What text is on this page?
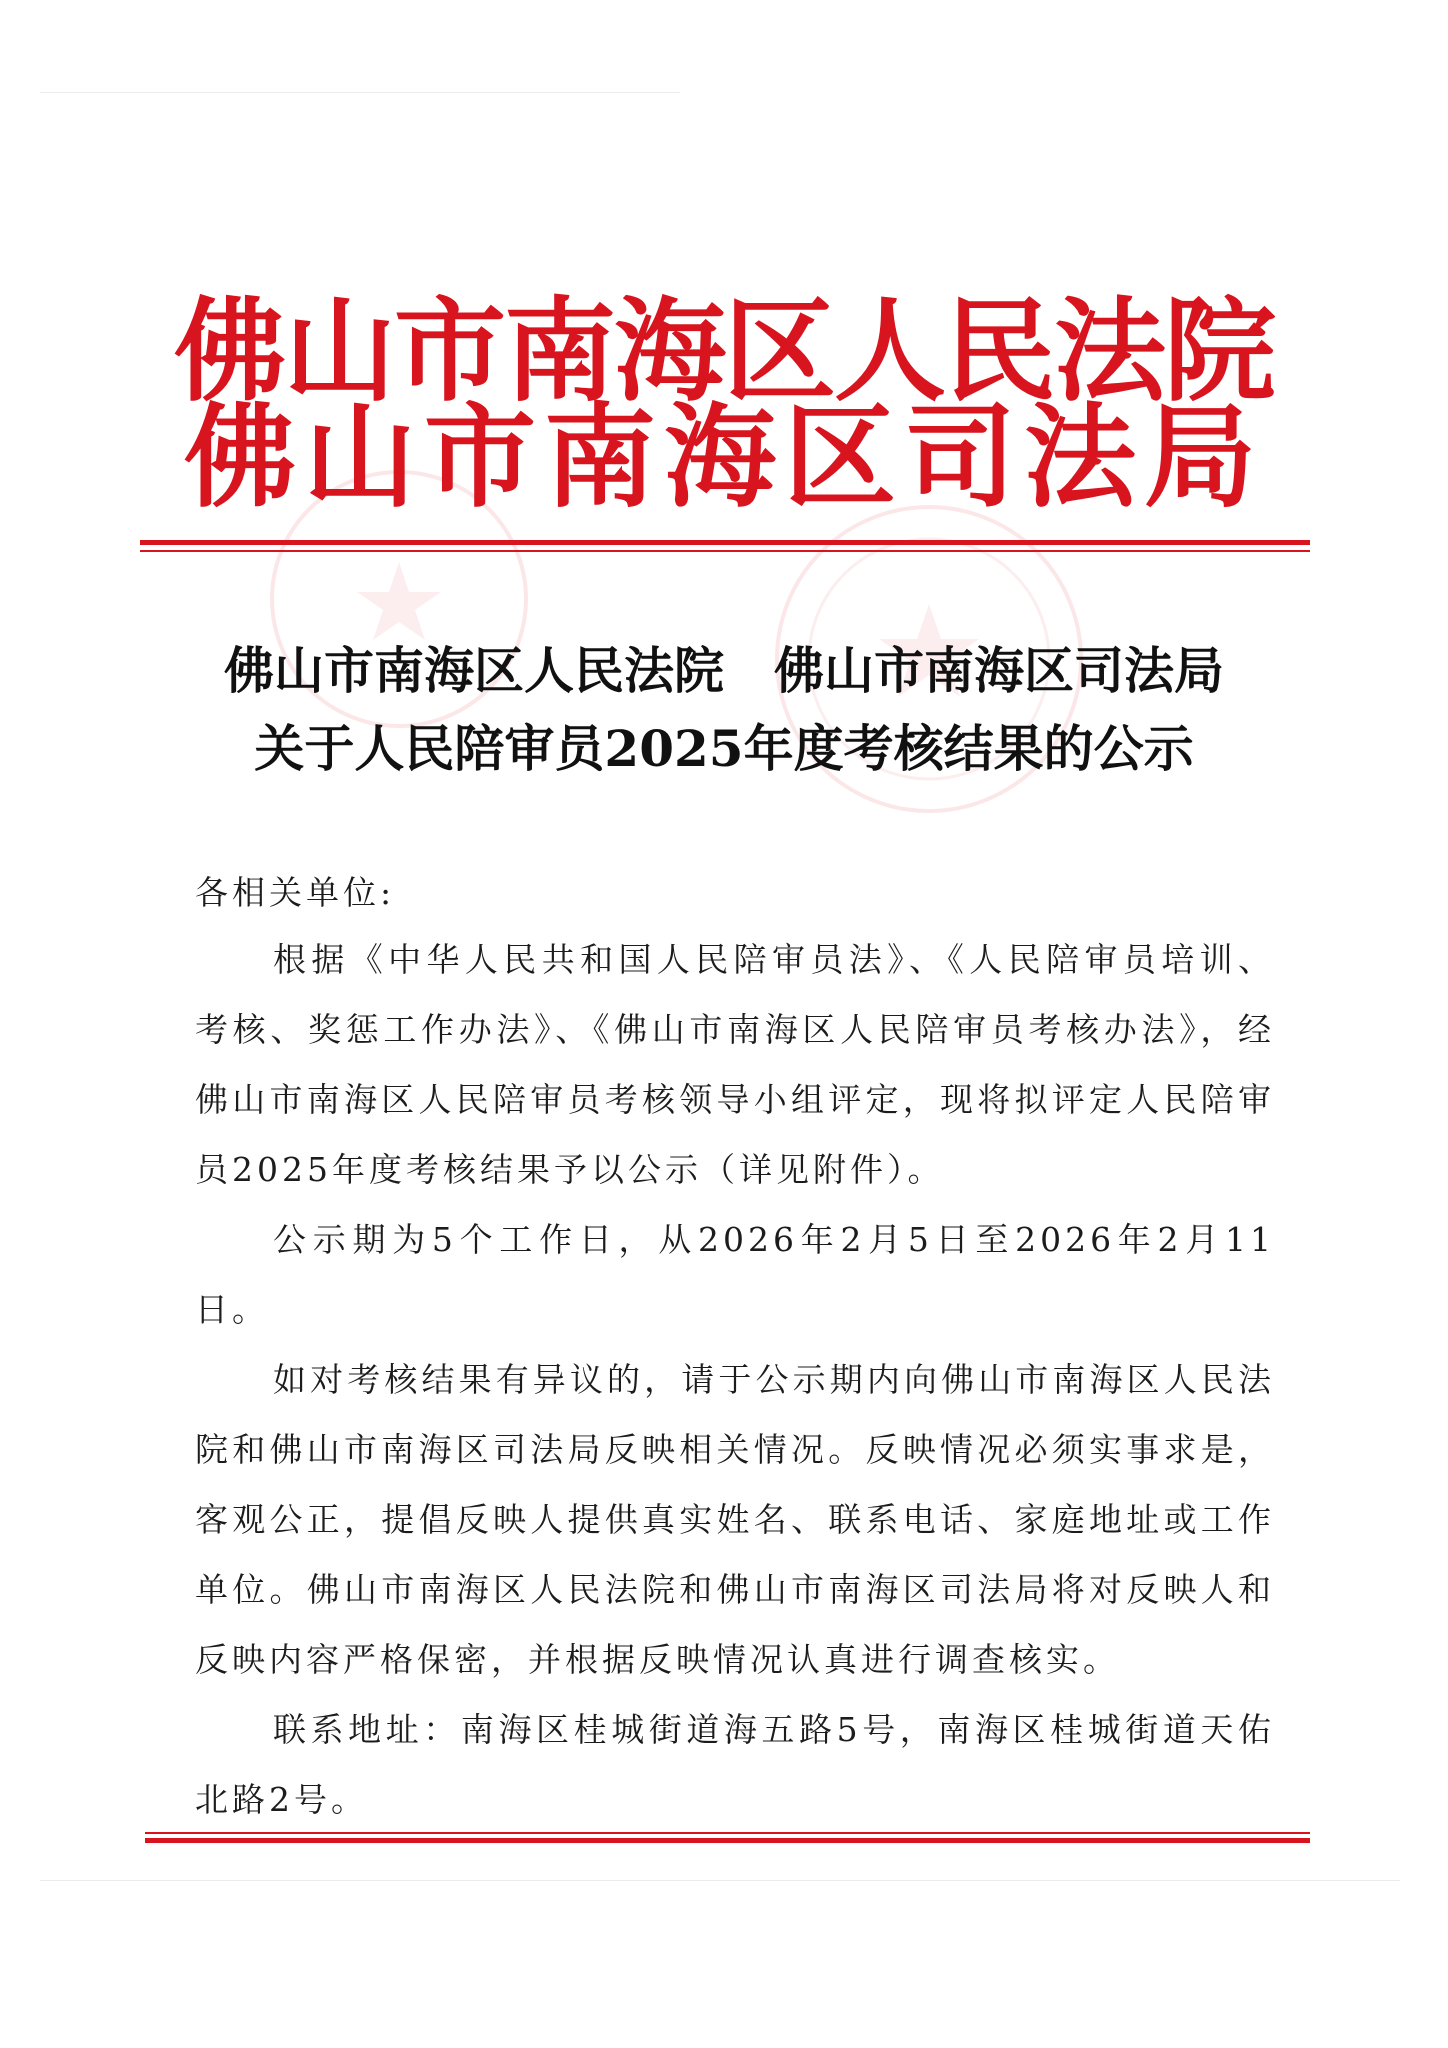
佛山市南海区人民法院
佛山市南海区司法局
佛山市南海区人民法院　佛山市南海区司法局
关于人民陪审员2025年度考核结果的公示
各相关单位:

根据《中华人民共和国人民陪审员法》、《人民陪审员培训、考核、奖惩工作办法》、《佛山市南海区人民陪审员考核办法》，经佛山市南海区人民陪审员考核领导小组评定，现将拟评定人民陪审员2025年度考核结果予以公示（详见附件）。

公示期为5个工作日，从2026年2月5日至2026年2月11日。

如对考核结果有异议的，请于公示期内向佛山市南海区人民法院和佛山市南海区司法局反映相关情况。反映情况必须实事求是，客观公正，提倡反映人提供真实姓名、联系电话、家庭地址或工作单位。佛山市南海区人民法院和佛山市南海区司法局将对反映人和反映内容严格保密，并根据反映情况认真进行调查核实。

联系地址：南海区桂城街道海五路5号，南海区桂城街道天佑北路2号。
